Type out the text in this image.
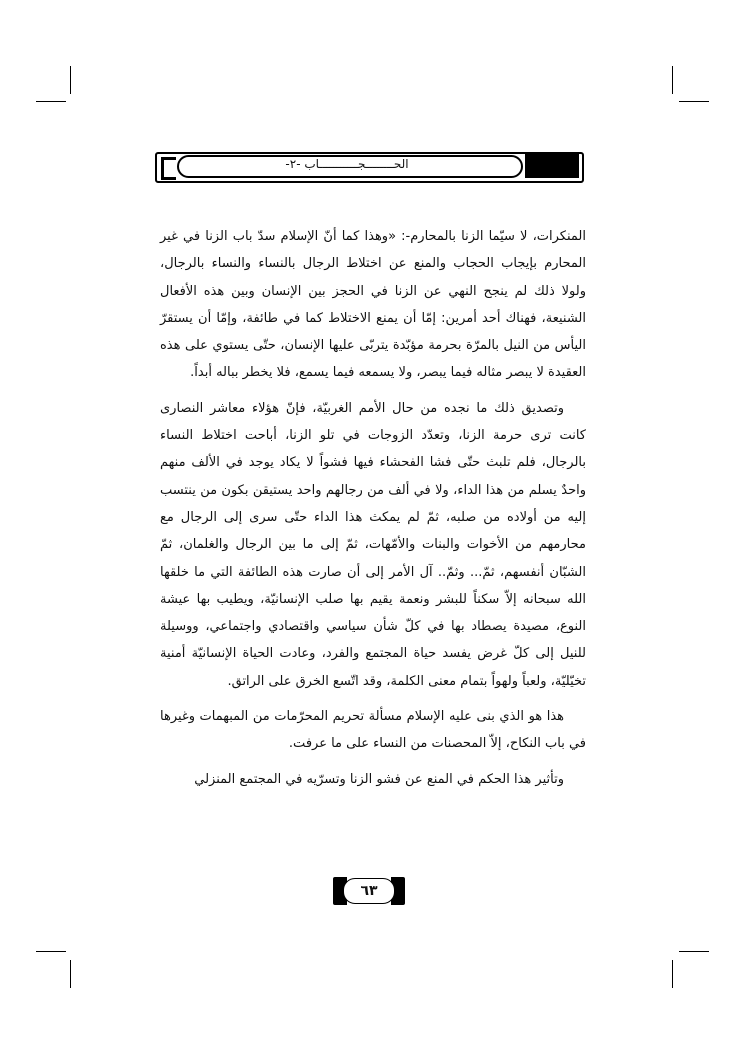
الحــــــــجـــــــــــاب -٢-

المنكرات، لا سيّما الزنا بالمحارم-: «وهذا كما أنّ الإسلام سدّ باب الزنا في غير المحارم بإيجاب الحجاب والمنع عن اختلاط الرجال بالنساء والنساء بالرجال، ولولا ذلك لم ينجح النهي عن الزنا في الحجز بين الإنسان وبين هذه الأفعال الشنيعة، فهناك أحد أمرين: إمّا أن يمنع الاختلاط كما في طائفة، وإمّا أن يستقرّ اليأس من النيل بالمرّة بحرمة مؤبّدة يتربّى عليها الإنسان، حتّى يستوي على هذه العقيدة لا يبصر مثاله فيما يبصر، ولا يسمعه فيما يسمع، فلا يخطر بباله أبداً.

وتصديق ذلك ما نجده من حال الأمم الغربيّة، فإنّ هؤلاء معاشر النصارى كانت ترى حرمة الزنا، وتعدّد الزوجات في تلو الزنا، أباحت اختلاط النساء بالرجال، فلم تلبث حتّى فشا الفحشاء فيها فشواً لا يكاد يوجد في الألف منهم واحدٌ يسلم من هذا الداء، ولا في ألف من رجالهم واحد يستيقن بكون من ينتسب إليه من أولاده من صلبه، ثمّ لم يمكث هذا الداء حتّى سرى إلى الرجال مع محارمهم من الأخوات والبنات والأمّهات، ثمّ إلى ما بين الرجال والغلمان، ثمّ الشبّان أنفسهم، ثمّ... وثمّ.. آل الأمر إلى أن صارت هذه الطائفة التي ما خلقها الله سبحانه إلاّ سكناً للبشر ونعمة يقيم بها صلب الإنسانيّة، ويطيب بها عيشة النوع، مصيدة يصطاد بها في كلّ شأن سياسي واقتصادي واجتماعي، ووسيلة للنيل إلى كلّ غرض يفسد حياة المجتمع والفرد، وعادت الحياة الإنسانيّة أمنية تخيّليّة، ولعباً ولهواً بتمام معنى الكلمة، وقد اتّسع الخرق على الراتق.

هذا هو الذي بنى عليه الإسلام مسألة تحريم المحرّمات من المبهمات وغيرها في باب النكاح، إلاّ المحصنات من النساء على ما عرفت.

وتأثير هذا الحكم في المنع عن فشو الزنا وتسرّيه في المجتمع المنزلي

٦٣
